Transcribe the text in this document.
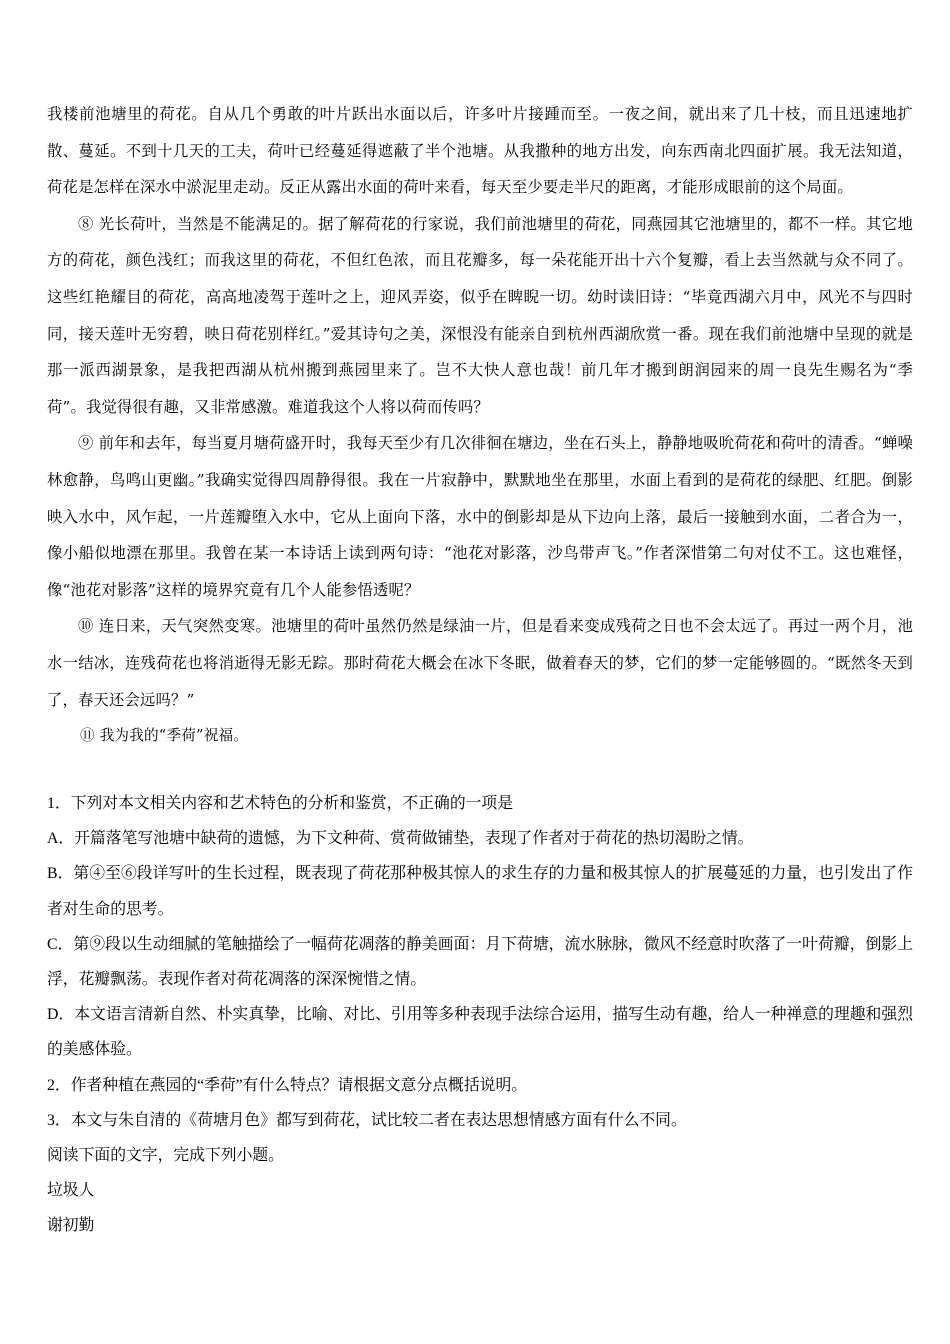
我楼前池塘里的荷花。自从几个勇敢的叶片跃出水面以后，许多叶片接踵而至。一夜之间，就出来了几十枝，而且迅速地扩散、蔓延。不到十几天的工夫，荷叶已经蔓延得遮蔽了半个池塘。从我撒种的地方出发，向东西南北四面扩展。我无法知道，荷花是怎样在深水中淤泥里走动。反正从露出水面的荷叶来看，每天至少要走半尺的距离，才能形成眼前的这个局面。

⑧ 光长荷叶，当然是不能满足的。据了解荷花的行家说，我们前池塘里的荷花，同燕园其它池塘里的，都不一样。其它地方的荷花，颜色浅红；而我这里的荷花，不但红色浓，而且花瓣多，每一朵花能开出十六个复瓣，看上去当然就与众不同了。这些红艳耀目的荷花，高高地凌驾于莲叶之上，迎风弄姿，似乎在睥睨一切。幼时读旧诗：“毕竟西湖六月中，风光不与四时同，接天莲叶无穷碧，映日荷花别样红。”爱其诗句之美，深恨没有能亲自到杭州西湖欣赏一番。现在我们前池塘中呈现的就是那一派西湖景象，是我把西湖从杭州搬到燕园里来了。岂不大快人意也哉！前几年才搬到朗润园来的周一良先生赐名为“季荷”。我觉得很有趣，又非常感激。难道我这个人将以荷而传吗？

⑨ 前年和去年，每当夏月塘荷盛开时，我每天至少有几次徘徊在塘边，坐在石头上，静静地吸吮荷花和荷叶的清香。“蝉噪林愈静，鸟鸣山更幽。”我确实觉得四周静得很。我在一片寂静中，默默地坐在那里，水面上看到的是荷花的绿肥、红肥。倒影映入水中，风乍起，一片莲瓣堕入水中，它从上面向下落，水中的倒影却是从下边向上落，最后一接触到水面，二者合为一，像小船似地漂在那里。我曾在某一本诗话上读到两句诗：“池花对影落，沙鸟带声飞。”作者深惜第二句对仗不工。这也难怪，像“池花对影落”这样的境界究竟有几个人能参悟透呢？

⑩ 连日来，天气突然变寒。池塘里的荷叶虽然仍然是绿油一片，但是看来变成残荷之日也不会太远了。再过一两个月，池水一结冰，连残荷花也将消逝得无影无踪。那时荷花大概会在冰下冬眠，做着春天的梦，它们的梦一定能够圆的。“既然冬天到了，春天还会远吗？”

⑪ 我为我的“季荷”祝福。

1．下列对本文相关内容和艺术特色的分析和鉴赏，不正确的一项是

A．开篇落笔写池塘中缺荷的遗憾，为下文种荷、赏荷做铺垫，表现了作者对于荷花的热切渴盼之情。

B．第④至⑥段详写叶的生长过程，既表现了荷花那种极其惊人的求生存的力量和极其惊人的扩展蔓延的力量，也引发出了作者对生命的思考。

C．第⑨段以生动细腻的笔触描绘了一幅荷花凋落的静美画面：月下荷塘，流水脉脉，微风不经意时吹落了一叶荷瓣，倒影上浮，花瓣飘荡。表现作者对荷花凋落的深深惋惜之情。

D．本文语言清新自然、朴实真挚，比喻、对比、引用等多种表现手法综合运用，描写生动有趣，给人一种禅意的理趣和强烈的美感体验。

2．作者种植在燕园的“季荷”有什么特点？请根据文意分点概括说明。

3．本文与朱自清的《荷塘月色》都写到荷花，试比较二者在表达思想情感方面有什么不同。

阅读下面的文字，完成下列小题。

垃圾人

谢初勤
